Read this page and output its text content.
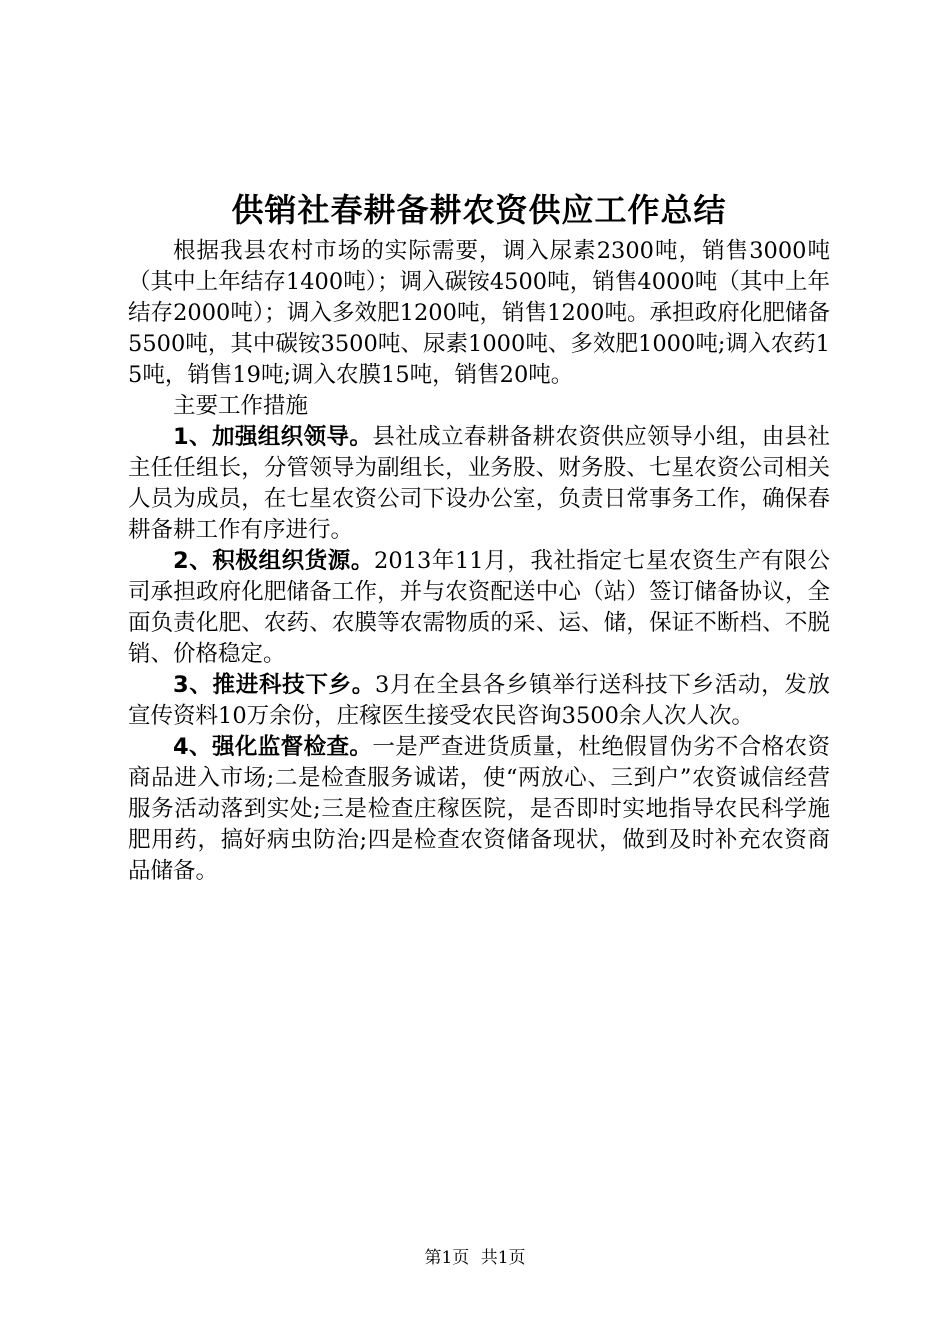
供销社春耕备耕农资供应工作总结

根据我县农村市场的实际需要，调入尿素2300吨，销售3000吨（其中上年结存1400吨）；调入碳铵4500吨，销售4000吨（其中上年结存2000吨）；调入多效肥1200吨，销售1200吨。承担政府化肥储备5500吨，其中碳铵3500吨、尿素1000吨、多效肥1000吨;调入农药15吨，销售19吨;调入农膜15吨，销售20吨。

主要工作措施

1、加强组织领导。县社成立春耕备耕农资供应领导小组，由县社主任任组长，分管领导为副组长，业务股、财务股、七星农资公司相关人员为成员，在七星农资公司下设办公室，负责日常事务工作，确保春耕备耕工作有序进行。

2、积极组织货源。2013年11月，我社指定七星农资生产有限公司承担政府化肥储备工作，并与农资配送中心（站）签订储备协议，全面负责化肥、农药、农膜等农需物质的采、运、储，保证不断档、不脱销、价格稳定。

3、推进科技下乡。3月在全县各乡镇举行送科技下乡活动，发放宣传资料10万余份，庄稼医生接受农民咨询3500余人次人次。

4、强化监督检查。一是严查进货质量，杜绝假冒伪劣不合格农资商品进入市场;二是检查服务诚诺，使“两放心、三到户”农资诚信经营服务活动落到实处;三是检查庄稼医院，是否即时实地指导农民科学施肥用药，搞好病虫防治;四是检查农资储备现状，做到及时补充农资商品储备。

第1页 共1页
